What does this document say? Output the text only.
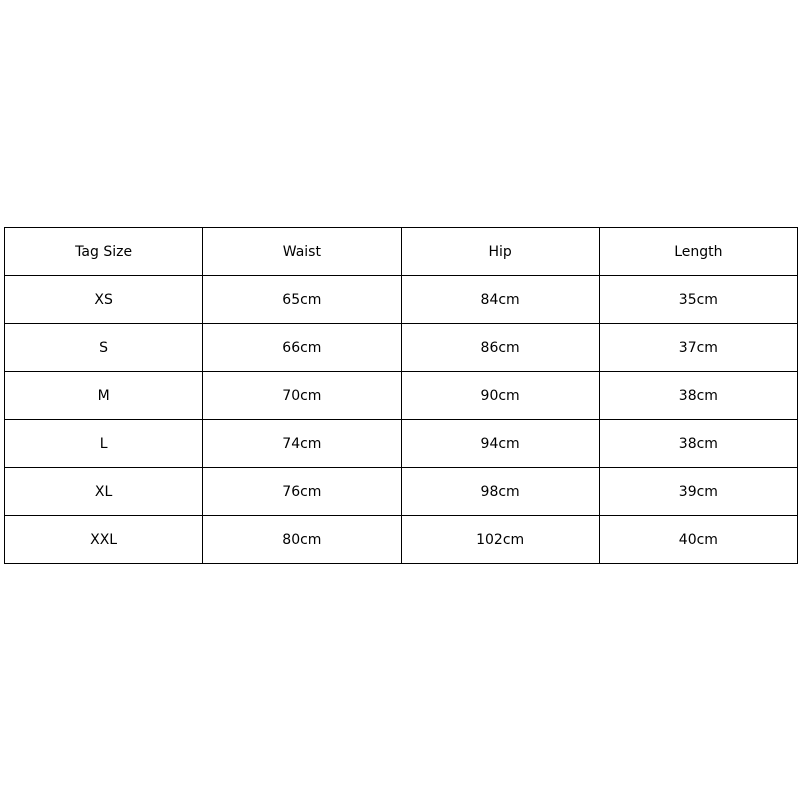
Tag Size	Waist	Hip	Length
XS	65cm	84cm	35cm
S	66cm	86cm	37cm
M	70cm	90cm	38cm
L	74cm	94cm	38cm
XL	76cm	98cm	39cm
XXL	80cm	102cm	40cm
